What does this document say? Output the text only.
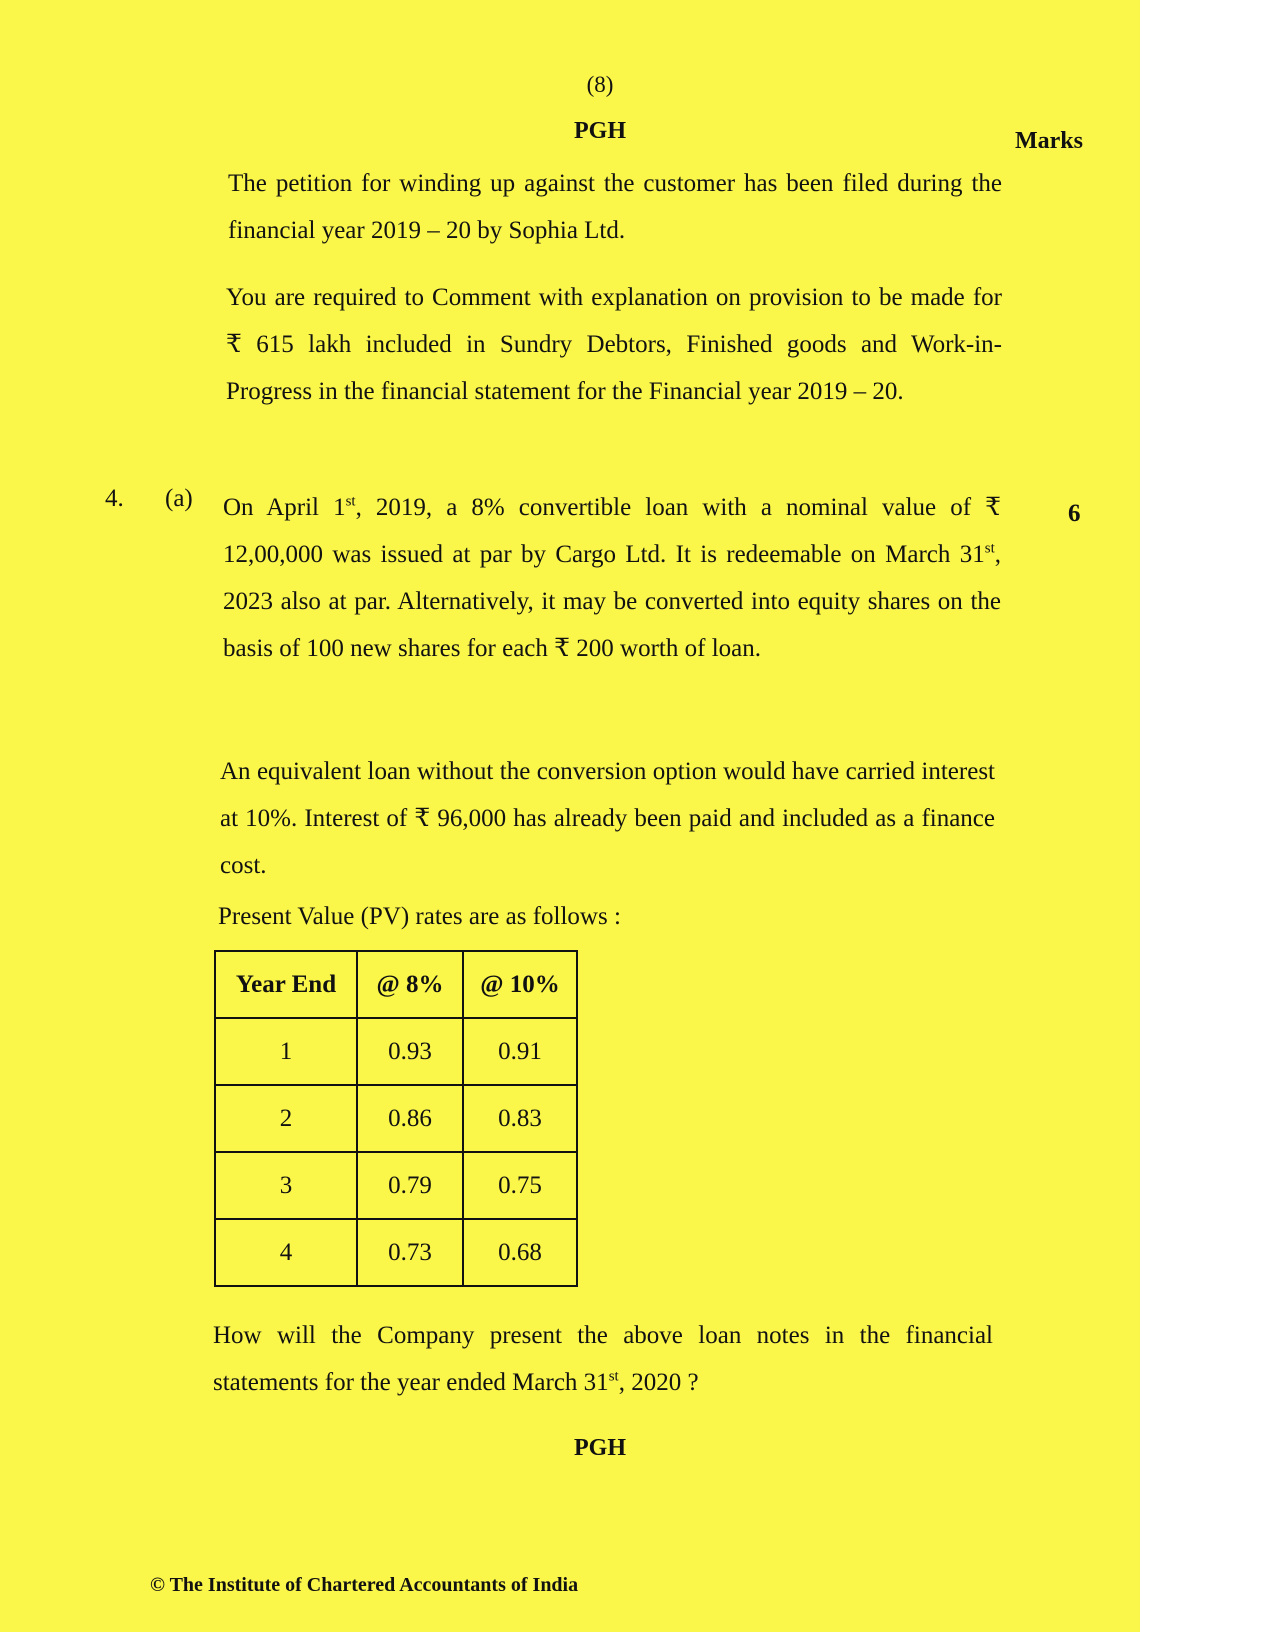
(8)
PGH	Marks
The petition for winding up against the customer has been filed during the financial year 2019 – 20 by Sophia Ltd.
You are required to Comment with explanation on provision to be made for ₹ 615 lakh included in Sundry Debtors, Finished goods and Work-in-Progress in the financial statement for the Financial year 2019 – 20.
4. (a)
6
On April 1st, 2019, a 8% convertible loan with a nominal value of ₹ 12,00,000 was issued at par by Cargo Ltd. It is redeemable on March 31st, 2023 also at par. Alternatively, it may be converted into equity shares on the basis of 100 new shares for each ₹ 200 worth of loan.
An equivalent loan without the conversion option would have carried interest at 10%. Interest of ₹ 96,000 has already been paid and included as a finance cost.
Present Value (PV) rates are as follows :
Year End	@ 8%	@ 10%
1	0.93	0.91
2	0.86	0.83
3	0.79	0.75
4	0.73	0.68
How will the Company present the above loan notes in the financial statements for the year ended March 31st, 2020 ?
PGH
© The Institute of Chartered Accountants of India
